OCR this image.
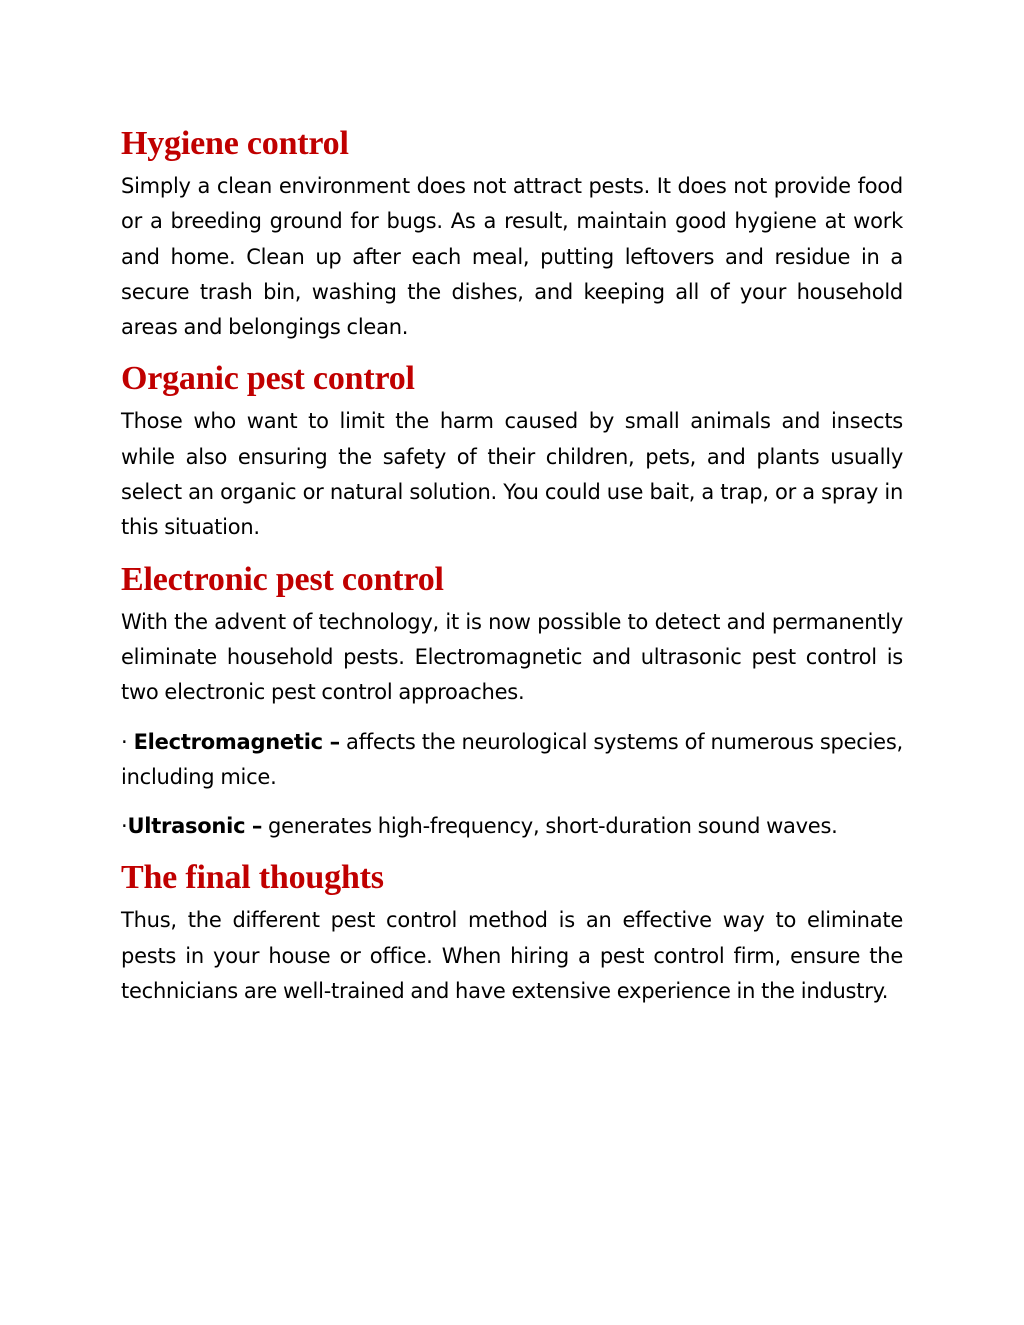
Hygiene control

Simply a clean environment does not attract pests. It does not provide food or a breeding ground for bugs. As a result, maintain good hygiene at work and home. Clean up after each meal, putting leftovers and residue in a secure trash bin, washing the dishes, and keeping all of your household areas and belongings clean.

Organic pest control

Those who want to limit the harm caused by small animals and insects while also ensuring the safety of their children, pets, and plants usually select an organic or natural solution. You could use bait, a trap, or a spray in this situation.

Electronic pest control

With the advent of technology, it is now possible to detect and permanently eliminate household pests. Electromagnetic and ultrasonic pest control is two electronic pest control approaches.

· Electromagnetic – affects the neurological systems of numerous species, including mice.

·Ultrasonic – generates high-frequency, short-duration sound waves.

The final thoughts

Thus, the different pest control method is an effective way to eliminate pests in your house or office. When hiring a pest control firm, ensure the technicians are well-trained and have extensive experience in the industry.
